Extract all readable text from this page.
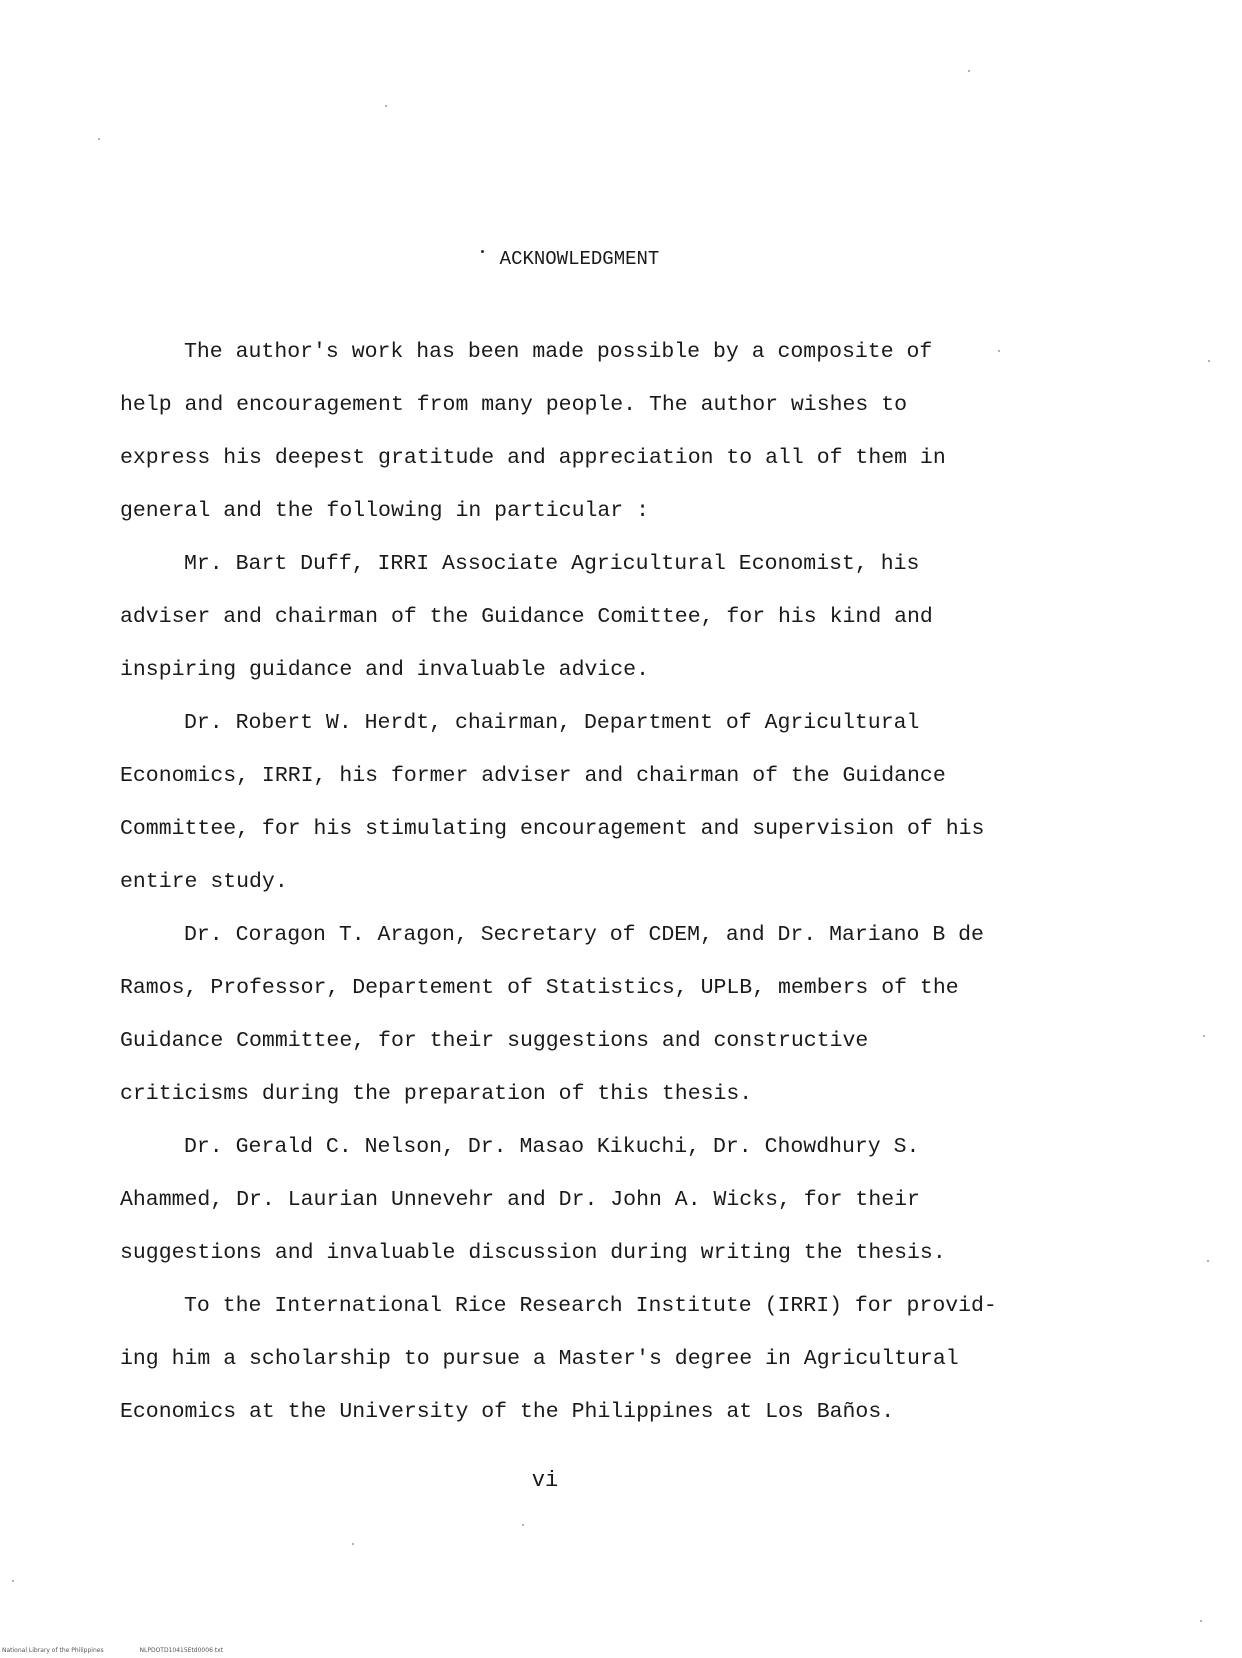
ACKNOWLEDGMENT

The author's work has been made possible by a composite of
help and encouragement from many people. The author wishes to
express his deepest gratitude and appreciation to all of them in
general and the following in particular :

Mr. Bart Duff, IRRI Associate Agricultural Economist, his
adviser and chairman of the Guidance Comittee, for his kind and
inspiring guidance and invaluable advice.

Dr. Robert W. Herdt, chairman, Department of Agricultural
Economics, IRRI, his former adviser and chairman of the Guidance
Committee, for his stimulating encouragement and supervision of his
entire study.

Dr. Coragon T. Aragon, Secretary of CDEM, and Dr. Mariano B de
Ramos, Professor, Departement of Statistics, UPLB, members of the
Guidance Committee, for their suggestions and constructive
criticisms during the preparation of this thesis.

Dr. Gerald C. Nelson, Dr. Masao Kikuchi, Dr. Chowdhury S.
Ahammed, Dr. Laurian Unnevehr and Dr. John A. Wicks, for their
suggestions and invaluable discussion during writing the thesis.

To the International Rice Research Institute (IRRI) for provid-
ing him a scholarship to pursue a Master's degree in Agricultural
Economics at the University of the Philippines at Los Baños.

vi
National Library of the Philippines	NLPDOTD10415Etd0006 txt
